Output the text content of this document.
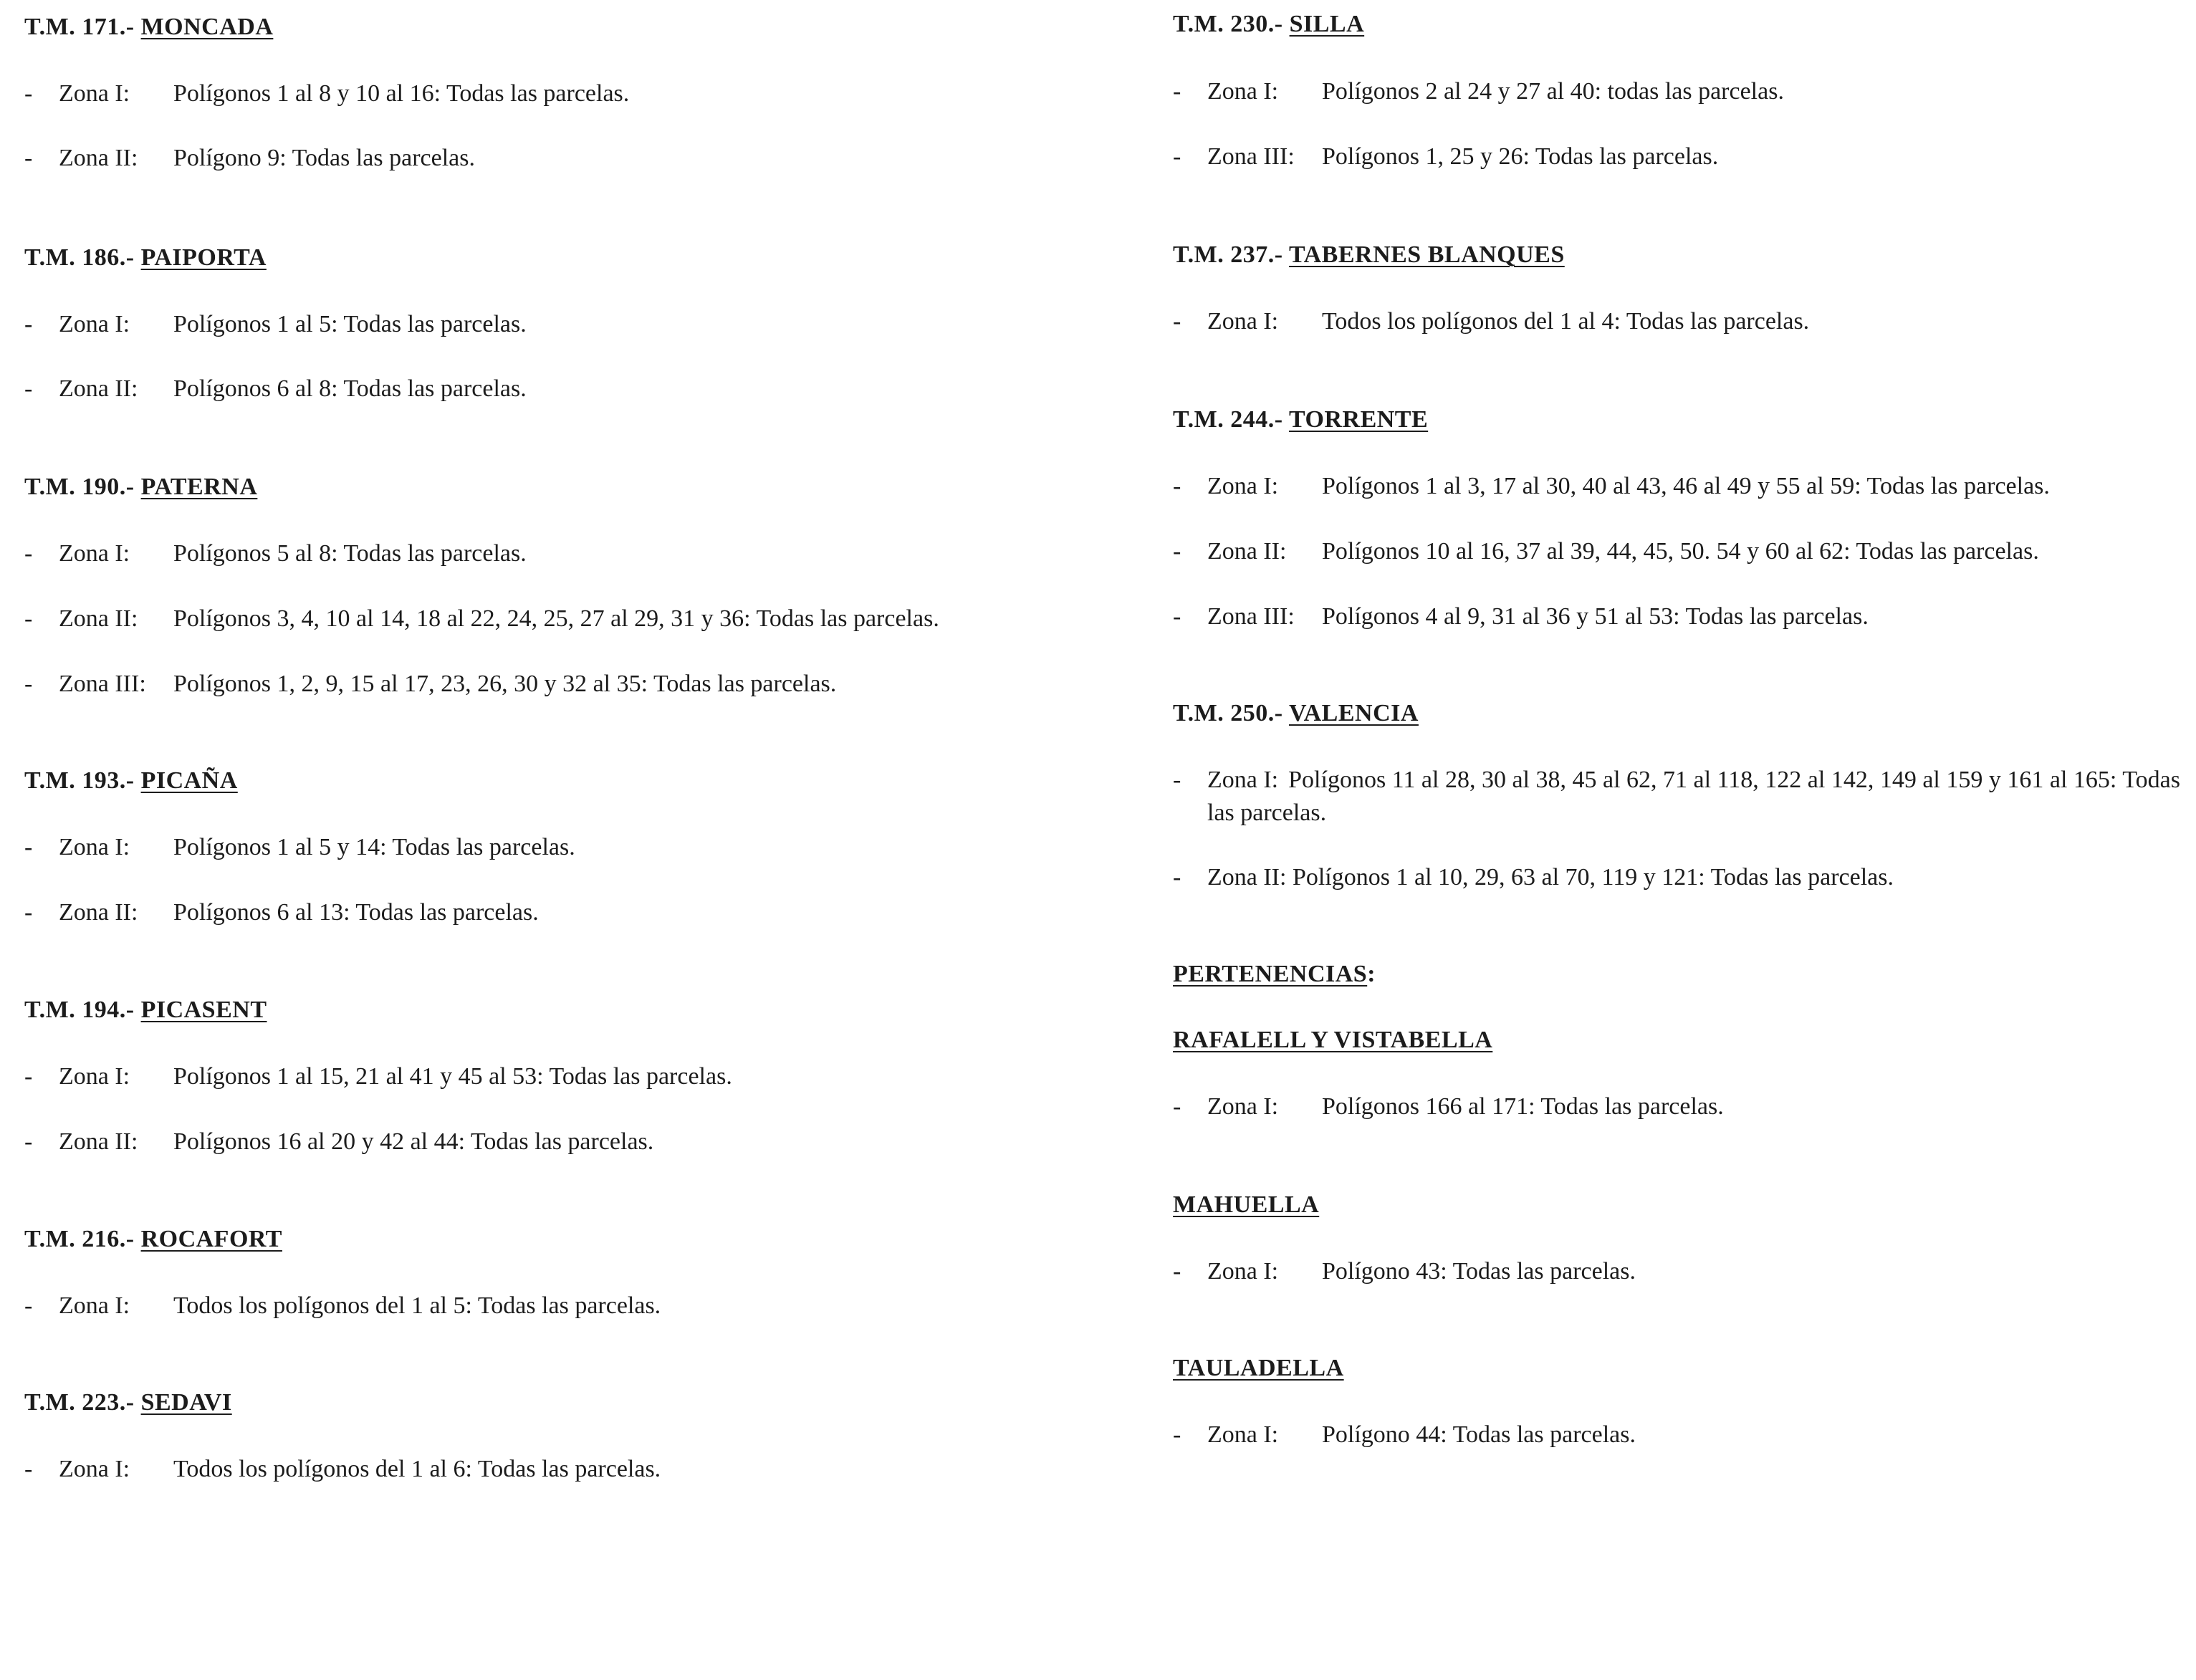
T.M. 171.- MONCADA
- Zona I: Polígonos 1 al 8 y 10 al 16: Todas las parcelas.
- Zona II: Polígono 9: Todas las parcelas.
T.M. 186.- PAIPORTA
- Zona I: Polígonos 1 al 5: Todas las parcelas.
- Zona II: Polígonos 6 al 8: Todas las parcelas.
T.M. 190.- PATERNA
- Zona I: Polígonos 5 al 8: Todas las parcelas.
- Zona II: Polígonos 3, 4, 10 al 14, 18 al 22, 24, 25, 27 al 29, 31 y 36: Todas las parcelas.
- Zona III: Polígonos 1, 2, 9, 15 al 17, 23, 26, 30 y 32 al 35: Todas las parcelas.
T.M. 193.- PICAÑA
- Zona I: Polígonos 1 al 5 y 14: Todas las parcelas.
- Zona II: Polígonos 6 al 13: Todas las parcelas.
T.M. 194.- PICASENT
- Zona I: Polígonos 1 al 15, 21 al 41 y 45 al 53: Todas las parcelas.
- Zona II: Polígonos 16 al 20 y 42 al 44: Todas las parcelas.
T.M. 216.- ROCAFORT
- Zona I: Todos los polígonos del 1 al 5: Todas las parcelas.
T.M. 223.- SEDAVI
- Zona I: Todos los polígonos del 1 al 6: Todas las parcelas.
T.M. 230.- SILLA
- Zona I: Polígonos 2 al 24 y 27 al 40: todas las parcelas.
- Zona III: Polígonos 1, 25 y 26: Todas las parcelas.
T.M. 237.- TABERNES BLANQUES
- Zona I: Todos los polígonos del 1 al 4: Todas las parcelas.
T.M. 244.- TORRENTE
- Zona I: Polígonos 1 al 3, 17 al 30, 40 al 43, 46 al 49 y 55 al 59: Todas las parcelas.
- Zona II: Polígonos 10 al 16, 37 al 39, 44, 45, 50. 54 y 60 al 62: Todas las parcelas.
- Zona III: Polígonos 4 al 9, 31 al 36 y 51 al 53: Todas las parcelas.
T.M. 250.- VALENCIA
- Zona I: Polígonos 11 al 28, 30 al 38, 45 al 62, 71 al 118, 122 al 142, 149 al 159 y 161 al 165: Todas las parcelas.
- Zona II: Polígonos 1 al 10, 29, 63 al 70, 119 y 121: Todas las parcelas.
PERTENENCIAS:
RAFALELL Y VISTABELLA
- Zona I: Polígonos 166 al 171: Todas las parcelas.
MAHUELLA
- Zona I: Polígono 43: Todas las parcelas.
TAULADELLA
- Zona I: Polígono 44: Todas las parcelas.
